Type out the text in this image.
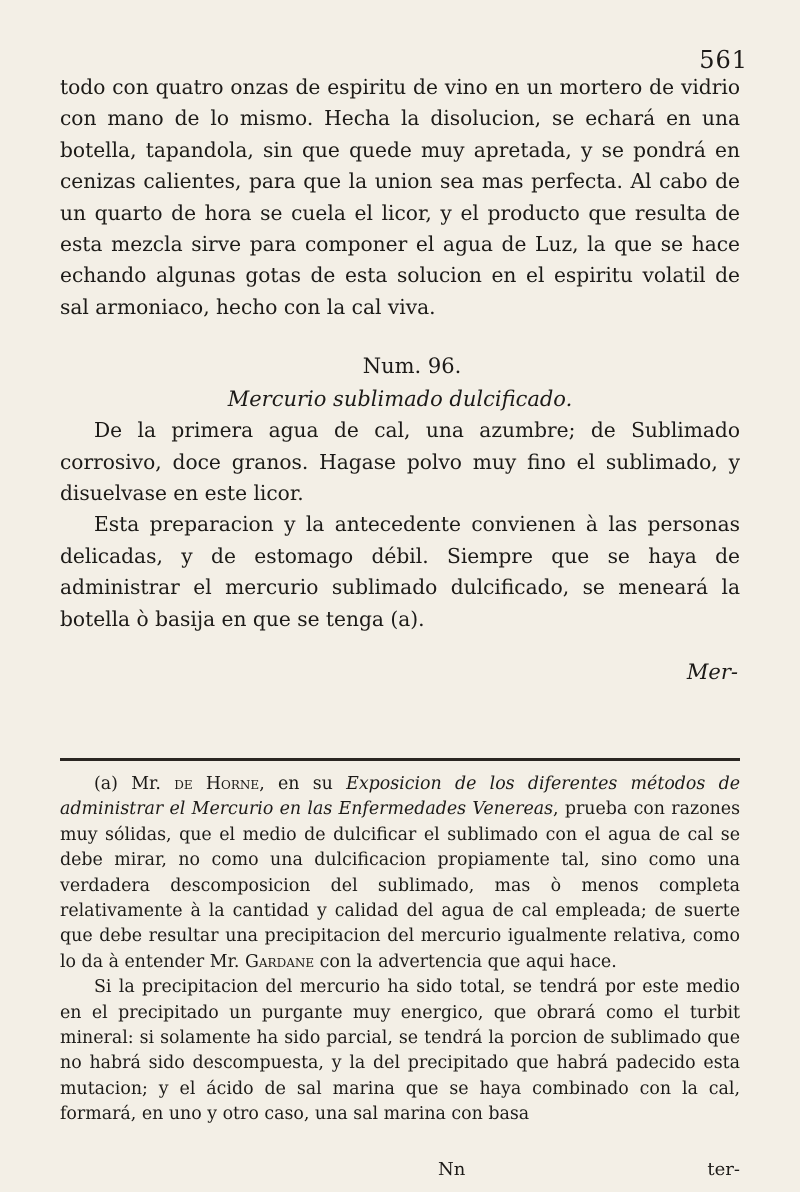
561

todo con quatro onzas de espiritu de vino en un mortero de vidrio con mano de lo mismo. Hecha la disolucion, se echará en una botella, tapandola, sin que quede muy apretada, y se pondrá en cenizas calientes, para que la union sea mas perfecta. Al cabo de un quarto de hora se cuela el licor, y el producto que resulta de esta mezcla sirve para componer el agua de Luz, la que se hace echando algunas gotas de esta solucion en el espiritu volatil de sal armoniaco, hecho con la cal viva.

Num. 96.

Mercurio sublimado dulcificado.

De la primera agua de cal, una azumbre; de Sublimado corrosivo, doce granos. Hagase polvo muy fino el sublimado, y disuelvase en este licor.

Esta preparacion y la antecedente convienen à las personas delicadas, y de estomago débil. Siempre que se haya de administrar el mercurio sublimado dulcificado, se meneará la botella ò basija en que se tenga (a).

Mer-

(a) Mr. de Horne, en su Exposicion de los diferentes métodos de administrar el Mercurio en las Enfermedades Venereas, prueba con razones muy sólidas, que el medio de dulcificar el sublimado con el agua de cal se debe mirar, no como una dulcificacion propiamente tal, sino como una verdadera descomposicion del sublimado, mas ò menos completa relativamente à la cantidad y calidad del agua de cal empleada; de suerte que debe resultar una precipitacion del mercurio igualmente relativa, como lo da à entender Mr. Gardane con la advertencia que aqui hace.

Si la precipitacion del mercurio ha sido total, se tendrá por este medio en el precipitado un purgante muy energico, que obrará como el turbit mineral: si solamente ha sido parcial, se tendrá la porcion de sublimado que no habrá sido descompuesta, y la del precipitado que habrá padecido esta mutacion; y el ácido de sal marina que se haya combinado con la cal, formará, en uno y otro caso, una sal marina con basa

Nn	ter-
